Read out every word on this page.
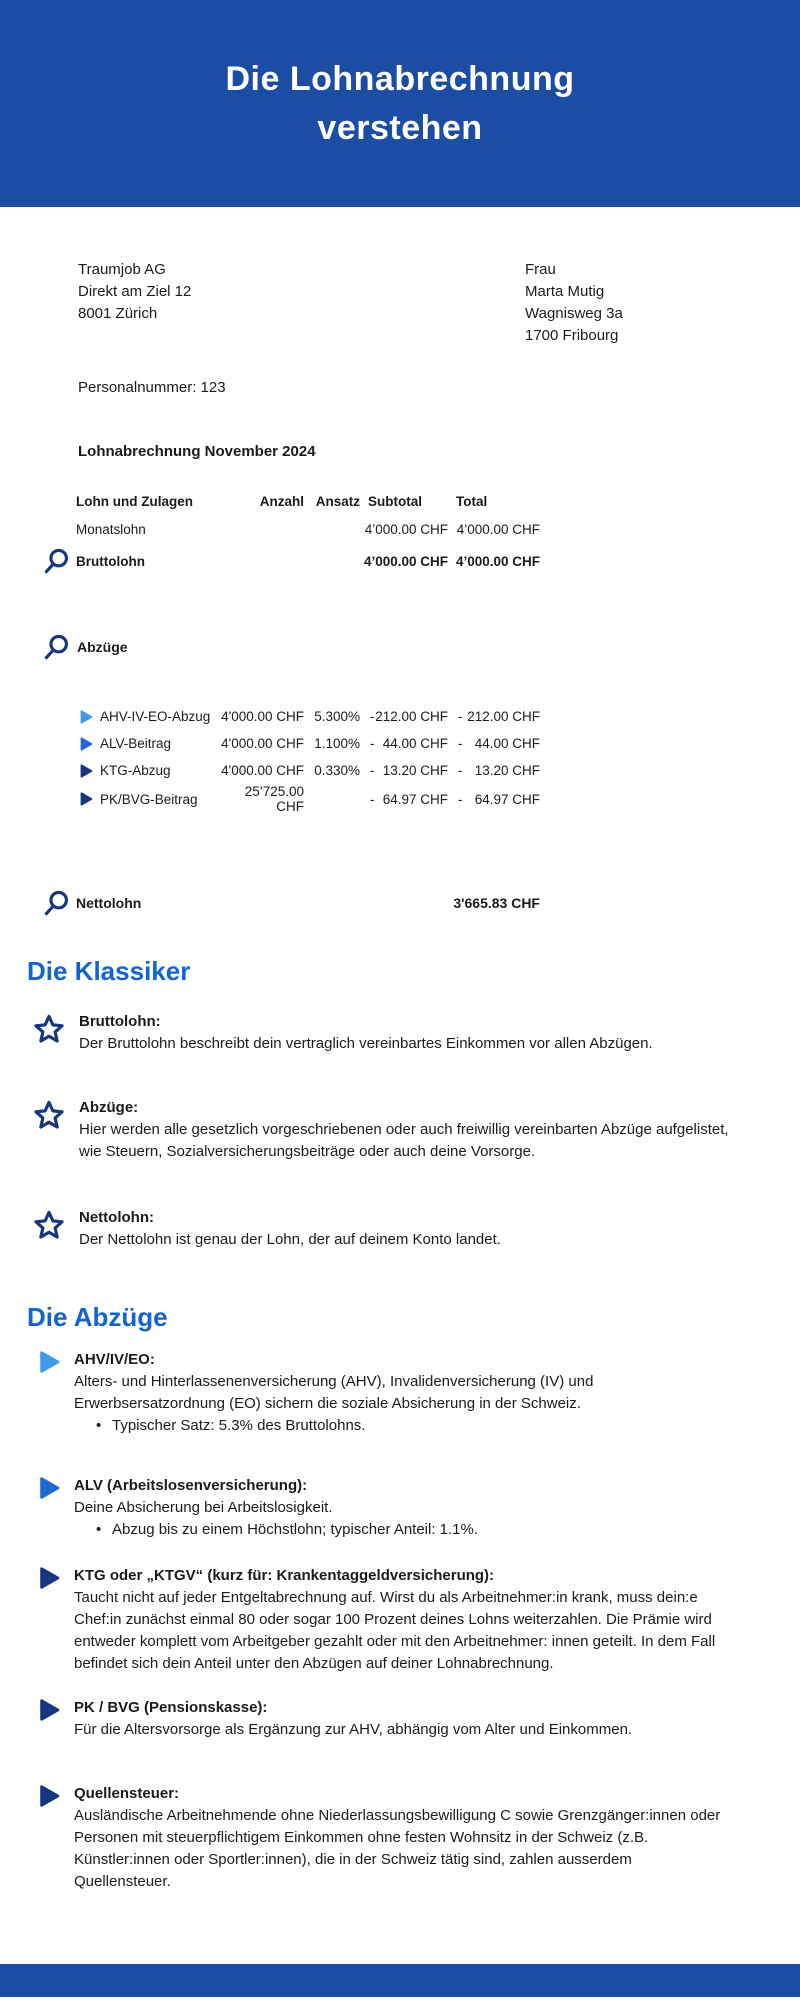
Die Lohnabrechnung
verstehen
Traumjob AG
Direkt am Ziel 12
8001 Zürich
Frau
Marta Mutig
Wagnisweg 3a
1700 Fribourg
Personalnummer: 123
Lohnabrechnung November 2024
Lohn und Zulagen	Anzahl Ansatz Subtotal	Total
Monatslohn	4’000.00 CHF 4’000.00 CHF
Bruttolohn	4’000.00 CHF 4’000.00 CHF
Abzüge
AHV-IV-EO-Abzug 4'000.00 CHF 5.300% - 212.00 CHF - 212.00 CHF
ALV-Beitrag	4'000.00 CHF 1.100% - 44.00 CHF - 44.00 CHF
KTG-Abzug	4'000.00 CHF 0.330% - 13.20 CHF - 13.20 CHF
PK/BVG-Beitrag	25’725.00 CHF	- 64.97 CHF - 64.97 CHF
Nettolohn	3'665.83 CHF
Die Klassiker
Bruttolohn:
Der Bruttolohn beschreibt dein vertraglich vereinbartes Einkommen vor allen Abzügen.
Abzüge:
Hier werden alle gesetzlich vorgeschriebenen oder auch freiwillig vereinbarten Abzüge aufgelistet, wie Steuern, Sozialversicherungsbeiträge oder auch deine Vorsorge.
Nettolohn:
Der Nettolohn ist genau der Lohn, der auf deinem Konto landet.
Die Abzüge
AHV/IV/EO:
Alters- und Hinterlassenenversicherung (AHV), Invalidenversicherung (IV) und Erwerbsersatzordnung (EO) sichern die soziale Absicherung in der Schweiz.
• Typischer Satz: 5.3% des Bruttolohns.
ALV (Arbeitslosenversicherung):
Deine Absicherung bei Arbeitslosigkeit.
• Abzug bis zu einem Höchstlohn; typischer Anteil: 1.1%.
KTG oder „KTGV“ (kurz für: Krankentaggeldversicherung):
Taucht nicht auf jeder Entgeltabrechnung auf. Wirst du als Arbeitnehmer:in krank, muss dein:e Chef:in zunächst einmal 80 oder sogar 100 Prozent deines Lohns weiterzahlen. Die Prämie wird entweder komplett vom Arbeitgeber gezahlt oder mit den Arbeitnehmer: innen geteilt. In dem Fall befindet sich dein Anteil unter den Abzügen auf deiner Lohnabrechnung.
PK / BVG (Pensionskasse):
Für die Altersvorsorge als Ergänzung zur AHV, abhängig vom Alter und Einkommen.
Quellensteuer:
Ausländische Arbeitnehmende ohne Niederlassungsbewilligung C sowie Grenzgänger:innen oder Personen mit steuerpflichtigem Einkommen ohne festen Wohnsitz in der Schweiz (z.B. Künstler:innen oder Sportler:innen), die in der Schweiz tätig sind, zahlen ausserdem Quellensteuer.
